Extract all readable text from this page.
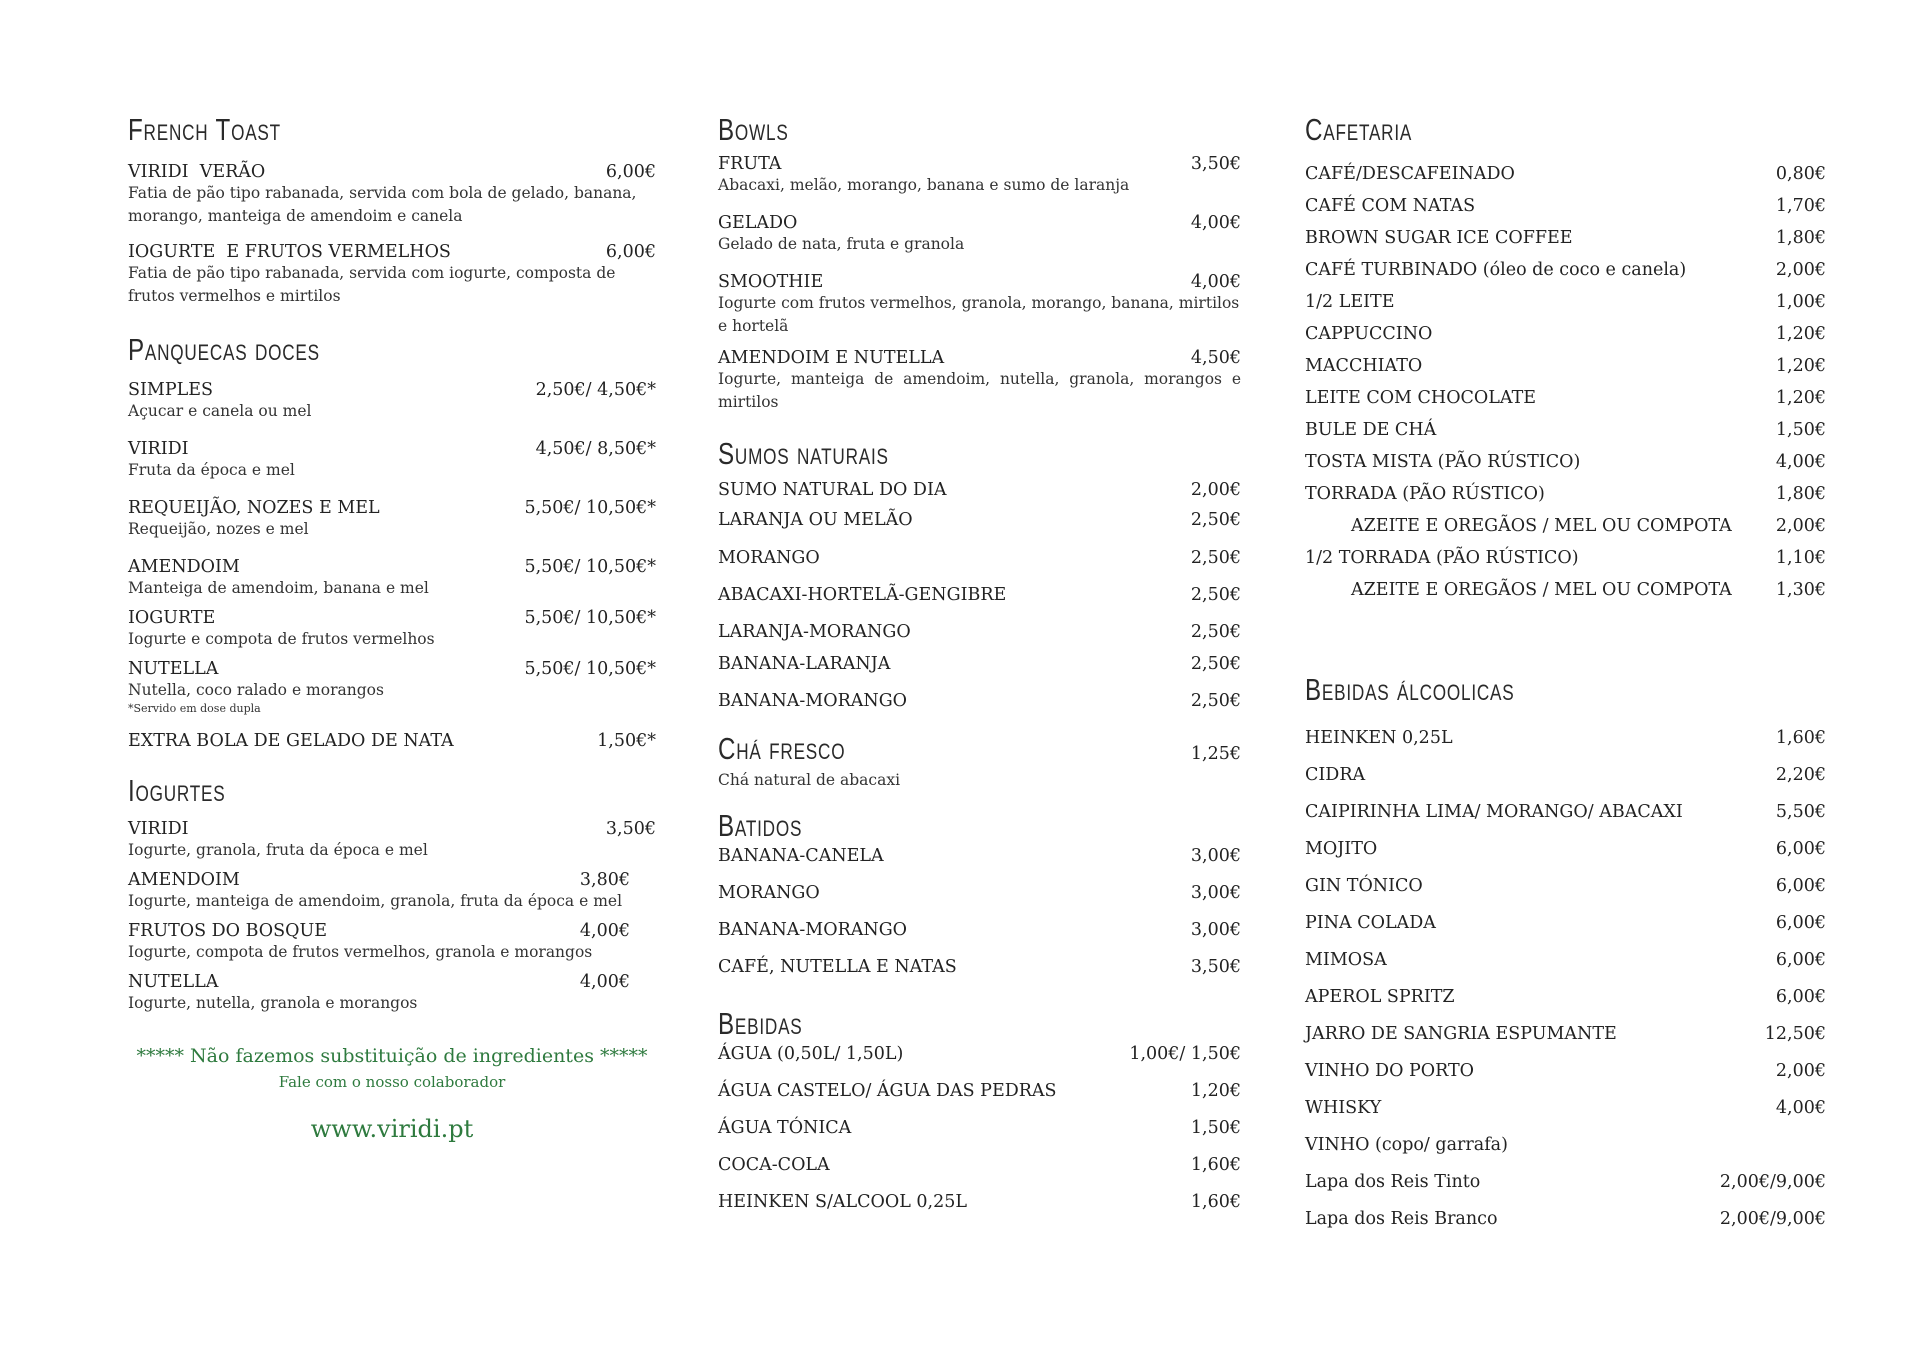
French Toast
VIRIDI  VERÃO	6,00€
Fatia de pão tipo rabanada, servida com bola de gelado, banana, morango, manteiga de amendoim e canela
IOGURTE  E FRUTOS VERMELHOS	6,00€
Fatia de pão tipo rabanada, servida com iogurte, composta de frutos vermelhos e mirtilos
Panquecas doces
SIMPLES	2,50€/ 4,50€*
Açucar e canela ou mel
VIRIDI	4,50€/ 8,50€*
Fruta da época e mel
REQUEIJÃO, NOZES E MEL	5,50€/ 10,50€*
Requeijão, nozes e mel
AMENDOIM	5,50€/ 10,50€*
Manteiga de amendoim, banana e mel
IOGURTE	5,50€/ 10,50€*
Iogurte e compota de frutos vermelhos
NUTELLA	5,50€/ 10,50€*
Nutella, coco ralado e morangos
*Servido em dose dupla
EXTRA BOLA DE GELADO DE NATA	1,50€*
Iogurtes
VIRIDI	3,50€
Iogurte, granola, fruta da época e mel
AMENDOIM	3,80€
Iogurte, manteiga de amendoim, granola, fruta da época e mel
FRUTOS DO BOSQUE	4,00€
Iogurte, compota de frutos vermelhos, granola e morangos
NUTELLA	4,00€
Iogurte, nutella, granola e morangos
***** Não fazemos substituição de ingredientes *****
Fale com o nosso colaborador
www.viridi.pt
Bowls
FRUTA	3,50€
Abacaxi, melão, morango, banana e sumo de laranja
GELADO	4,00€
Gelado de nata, fruta e granola
SMOOTHIE	4,00€
Iogurte com frutos vermelhos, granola, morango, banana, mirtilos e hortelã
AMENDOIM E NUTELLA	4,50€
Iogurte, manteiga de amendoim, nutella, granola, morangos e mirtilos
Sumos naturais
SUMO NATURAL DO DIA	2,00€
LARANJA OU MELÃO	2,50€
MORANGO	2,50€
ABACAXI-HORTELÃ-GENGIBRE	2,50€
LARANJA-MORANGO	2,50€
BANANA-LARANJA	2,50€
BANANA-MORANGO	2,50€
Chá fresco	1,25€
Chá natural de abacaxi
Batidos
BANANA-CANELA	3,00€
MORANGO	3,00€
BANANA-MORANGO	3,00€
CAFÉ, NUTELLA E NATAS	3,50€
Bebidas
ÁGUA (0,50L/ 1,50L)	1,00€/ 1,50€
ÁGUA CASTELO/ ÁGUA DAS PEDRAS	1,20€
ÁGUA TÓNICA	1,50€
COCA-COLA	1,60€
HEINKEN S/ALCOOL 0,25L	1,60€
Cafetaria
CAFÉ/DESCAFEINADO	0,80€
CAFÉ COM NATAS	1,70€
BROWN SUGAR ICE COFFEE	1,80€
CAFÉ TURBINADO (óleo de coco e canela)	2,00€
1/2 LEITE	1,00€
CAPPUCCINO	1,20€
MACCHIATO	1,20€
LEITE COM CHOCOLATE	1,20€
BULE DE CHÁ	1,50€
TOSTA MISTA (PÃO RÚSTICO)	4,00€
TORRADA (PÃO RÚSTICO)	1,80€
AZEITE E OREGÃOS / MEL OU COMPOTA	2,00€
1/2 TORRADA (PÃO RÚSTICO)	1,10€
AZEITE E OREGÃOS / MEL OU COMPOTA	1,30€
Bebidas álcoolicas
HEINKEN 0,25L	1,60€
CIDRA	2,20€
CAIPIRINHA LIMA/ MORANGO/ ABACAXI	5,50€
MOJITO	6,00€
GIN TÓNICO	6,00€
PINA COLADA	6,00€
MIMOSA	6,00€
APEROL SPRITZ	6,00€
JARRO DE SANGRIA ESPUMANTE	12,50€
VINHO DO PORTO	2,00€
WHISKY	4,00€
VINHO (copo/ garrafa)
Lapa dos Reis Tinto	2,00€/9,00€
Lapa dos Reis Branco	2,00€/9,00€
